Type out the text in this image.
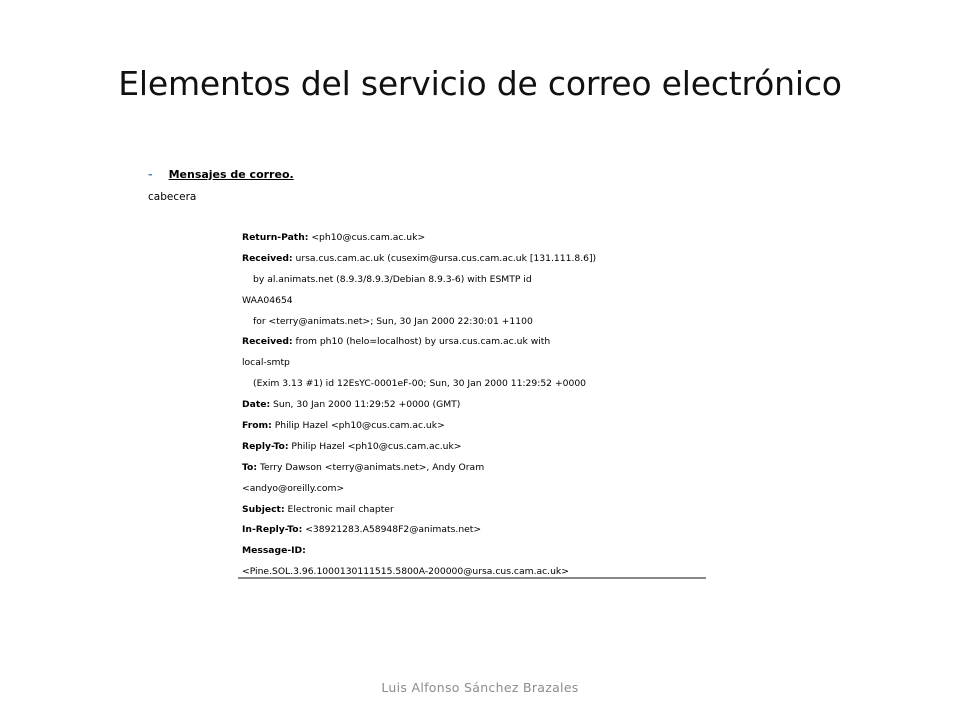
Elementos del servicio de correo electrónico
- Mensajes de correo.
cabecera
Return-Path: <ph10@cus.cam.ac.uk>
Received: ursa.cus.cam.ac.uk (cusexim@ursa.cus.cam.ac.uk [131.111.8.6])
by al.animats.net (8.9.3/8.9.3/Debian 8.9.3-6) with ESMTP id
WAA04654
for <terry@animats.net>; Sun, 30 Jan 2000 22:30:01 +1100
Received: from ph10 (helo=localhost) by ursa.cus.cam.ac.uk with
local-smtp
(Exim 3.13 #1) id 12EsYC-0001eF-00; Sun, 30 Jan 2000 11:29:52 +0000
Date: Sun, 30 Jan 2000 11:29:52 +0000 (GMT)
From: Philip Hazel <ph10@cus.cam.ac.uk>
Reply-To: Philip Hazel <ph10@cus.cam.ac.uk>
To: Terry Dawson <terry@animats.net>, Andy Oram
<andyo@oreilly.com>
Subject: Electronic mail chapter
In-Reply-To: <38921283.A58948F2@animats.net>
Message-ID:
<Pine.SOL.3.96.1000130111515.5800A-200000@ursa.cus.cam.ac.uk>
Luis Alfonso Sánchez Brazales
